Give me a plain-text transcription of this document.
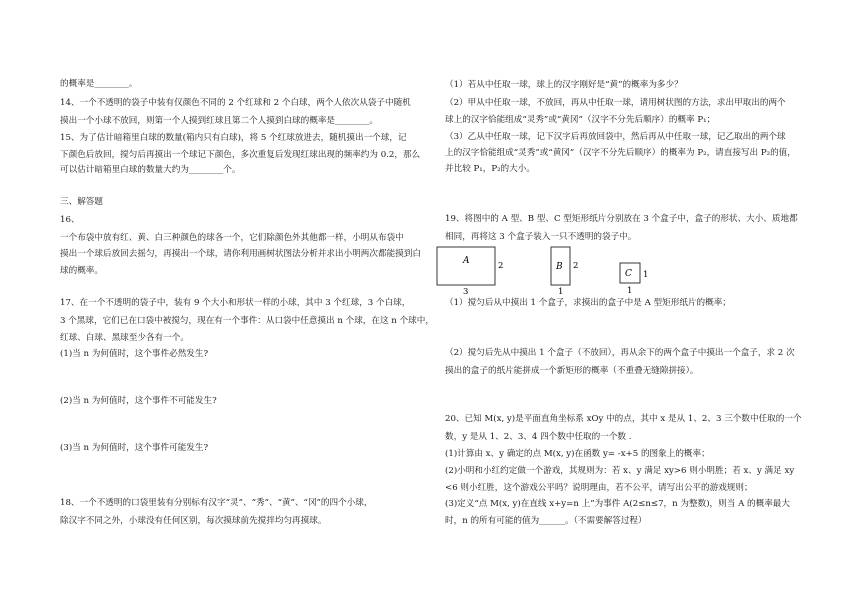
的概率是________。
14、一个不透明的袋子中装有仅颜色不同的 2 个红球和 2 个白球，两个人依次从袋子中随机
摸出一个小球不放回，则第一个人摸到红球且第二个人摸到白球的概率是________。
15、为了估计暗箱里白球的数量(箱内只有白球)，将 5 个红球放进去，随机摸出一个球，记
下颜色后放回，搅匀后再摸出一个球记下颜色，多次重复后发现红球出现的频率约为 0.2，那么
可以估计暗箱里白球的数量大约为________个。
三、解答题
16、
一个布袋中放有红、黄、白三种颜色的球各一个，它们除颜色外其他都一样，小明从布袋中
摸出一个球后放回去摇匀，再摸出一个球，请你利用画树状图法分析并求出小明两次都能摸到白
球的概率。
17、在一个不透明的袋子中，装有 9 个大小和形状一样的小球，其中 3 个红球，3 个白球，
3 个黑球，它们已在口袋中被搅匀，现在有一个事件：从口袋中任意摸出 n 个球，在这 n 个球中，
红球、白球、黑球至少各有一个。
(1)当 n 为何值时，这个事件必然发生?
(2)当 n 为何值时，这个事件不可能发生?
(3)当 n 为何值时，这个事件可能发生?
18、一个不透明的口袋里装有分别标有汉字“灵”、“秀”、“黄”、“冈”的四个小球，
除汉字不同之外，小球没有任何区别，每次摸球前先搅拌均匀再摸球。
（1）若从中任取一球，球上的汉字刚好是“黄”的概率为多少？
（2）甲从中任取一球，不放回，再从中任取一球，请用树状图的方法，求出甲取出的两个
球上的汉字恰能组成“灵秀”或“黄冈”（汉字不分先后顺序）的概率 P₁；
（3）乙从中任取一球，记下汉字后再放回袋中，然后再从中任取一球，记乙取出的两个球
上的汉字恰能组成“灵秀”或“黄冈”（汉字不分先后顺序）的概率为 P₂，请直接写出 P₂的值，
并比较 P₁，P₂的大小。
19、将图中的 A 型、B 型、C 型矩形纸片分别放在 3 个盒子中，盒子的形状、大小、质地都
相同，再将这 3 个盒子装入一只不透明的袋子中。
A	2
3
B 2
1
C 1
1
（1）搅匀后从中摸出 1 个盒子，求摸出的盒子中是 A 型矩形纸片的概率；
（2）搅匀后先从中摸出 1 个盒子（不放回），再从余下的两个盒子中摸出一个盒子，求 2 次
摸出的盒子的纸片能拼成一个新矩形的概率（不重叠无缝隙拼接）。
20、已知 M(x, y)是平面直角坐标系 xOy 中的点，其中 x 是从 1、2、3 三个数中任取的一个
数，y 是从 1、2、3、4 四个数中任取的一个数 .
(1)计算由 x、y 确定的点 M(x, y)在函数 y= -x+5 的图象上的概率；
(2)小明和小红约定做一个游戏，其规则为：若 x、y 满足 xy>6 则小明胜；若 x、y 满足 xy
<6 则小红胜，这个游戏公平吗？说明理由，若不公平，请写出公平的游戏规则；
(3)定义“点 M(x, y)在直线 x+y=n 上”为事件 A(2≤n≤7，n 为整数)，则当 A 的概率最大
时，n 的所有可能的值为______。（不需要解答过程）
